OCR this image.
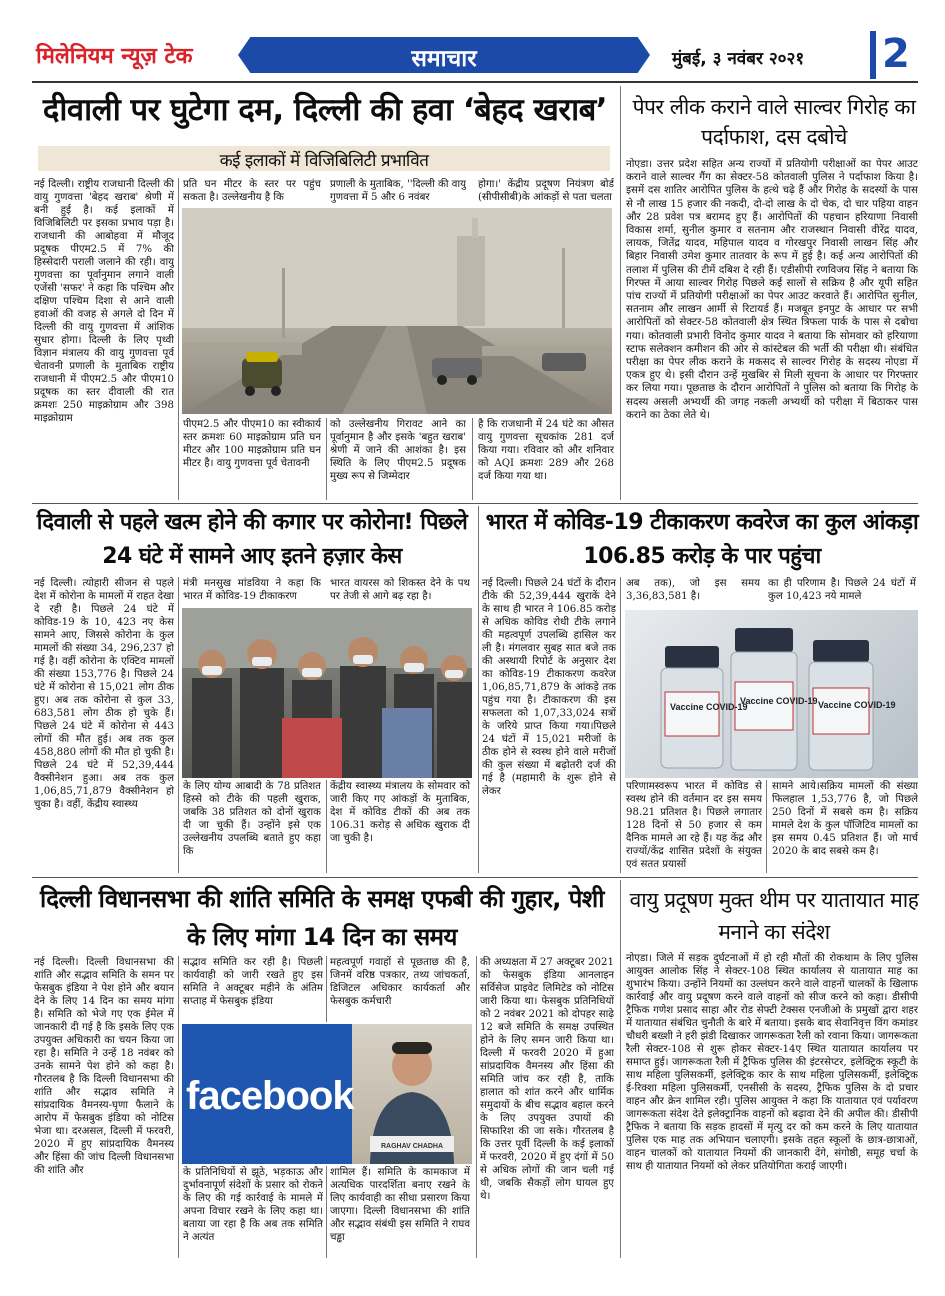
मिलेनियम न्यूज़ टेक	समाचार	मुंबई, ३ नवंबर २०२१	2
दीवाली पर घुटेगा दम, दिल्ली की हवा ‘बेहद खराब’
कई इलाकों में विजिबिलिटी प्रभावित
नई दिल्ली। राष्ट्रीय राजधानी दिल्ली की वायु गुणवत्ता 'बेहद खराब' श्रेणी में बनी हुई है। कई इलाकों में विजिबिलिटी पर इसका प्रभाव पड़ा है। राजधानी की आबोहवा में मौजूद प्रदूषक पीएम2.5 में 7% की हिस्सेदारी पराली जलाने की रही। वायु गुणवत्ता का पूर्वानुमान लगाने वाली एजेंसी 'सफर' ने कहा कि पश्चिम और दक्षिण पश्चिम दिशा से आने वाली हवाओं की वजह से अगले दो दिन में दिल्ली की वायु गुणवत्ता में आंशिक सुधार होगा। दिल्ली के लिए पृथ्वी विज्ञान मंत्रालय की वायु गुणवत्ता पूर्व चेतावनी प्रणाली के मुताबिक राष्ट्रीय राजधानी में पीएम2.5 और पीएम10 प्रदूषक का स्तर दीवाली की रात क्रमशः 250 माइक्रोग्राम और 398 माइक्रोग्राम
प्रति घन मीटर के स्तर पर पहुंच सकता है। उल्लेखनीय है कि
प्रणाली के मुताबिक, ''दिल्ली की वायु गुणवत्ता में 5 और 6 नवंबर
होगा।' केंद्रीय प्रदूषण नियंत्रण बोर्ड (सीपीसीबी)के आंकड़ों से पता चलता
पीएम2.5 और पीएम10 का स्वीकार्य स्तर क्रमशः 60 माइक्रोग्राम प्रति घन मीटर और 100 माइक्रोग्राम प्रति घन मीटर है। वायु गुणवत्ता पूर्व चेतावनी
को उल्लेखनीय गिरावट आने का पूर्वानुमान है और इसके 'बहुत खराब' श्रेणी में जाने की आशंका है। इस स्थिति के लिए पीएम2.5 प्रदूषक मुख्य रूप से जिम्मेदार
है कि राजधानी में 24 घंटे का औसत वायु गुणवत्ता सूचकांक 281 दर्ज किया गया। रविवार को और शनिवार को AQI क्रमशः 289 और 268 दर्ज किया गया था।
पेपर लीक कराने वाले साल्वर गिरोह का पर्दाफाश, दस दबोचे
नोएडा। उत्तर प्रदेश सहित अन्य राज्यों में प्रतियोगी परीक्षाओं का पेपर आउट कराने वाले साल्वर गैंग का सेक्टर-58 कोतवाली पुलिस ने पर्दाफाश किया है। इसमें दस शातिर आरोपित पुलिस के हत्थे चढ़े हैं और गिरोह के सदस्यों के पास से नौ लाख 15 हजार की नकदी, दो-दो लाख के दो चेक, दो चार पहिया वाहन और 28 प्रवेश पत्र बरामद हुए हैं। आरोपितों की पहचान हरियाणा निवासी विकास शर्मा, सुनील कुमार व सतनाम और राजस्थान निवासी वीरेंद्र यादव, लायक, जितेंद्र यादव, महिपाल यादव व गोरखपुर निवासी लाखन सिंह और बिहार निवासी उमेश कुमार तातवार के रूप में हुई है। कई अन्य आरोपितों की तलाश में पुलिस की टीमें दबिश दे रही हैं। एडीसीपी रणविजय सिंह ने बताया कि गिरफ्त में आया साल्वर गिरोह पिछले कई सालों से सक्रिय है और यूपी सहित पांच राज्यों में प्रतियोगी परीक्षाओं का पेपर आउट करवाते हैं। आरोपित सुनील, सतनाम और लाखन आर्मी से रिटायर्ड हैं। मजबूत इनपुट के आधार पर सभी आरोपितों को सेक्टर-58 कोतवाली क्षेत्र स्थित त्रिफला पार्क के पास से दबोचा गया। कोतवाली प्रभारी विनोद कुमार यादव ने बताया कि सोमवार को हरियाणा स्टाफ सलेक्शन कमीशन की ओर से कांस्टेबल की भर्ती की परीक्षा थी। संबंधित परीक्षा का पेपर लीक कराने के मकसद से साल्वर गिरोह के सदस्य नोएडा में एकत्र हुए थे। इसी दौरान उन्हें मुखबिर से मिली सूचना के आधार पर गिरफ्तार कर लिया गया। पूछताछ के दौरान आरोपितों ने पुलिस को बताया कि गिरोह के सदस्य असली अभ्यर्थी की जगह नकली अभ्यर्थी को परीक्षा में बिठाकर पास कराने का ठेका लेते थे।
दिवाली से पहले खत्म होने की कगार पर कोरोना! पिछले 24 घंटे में सामने आए इतने हज़ार केस
नई दिल्ली। त्योहारी सीजन से पहले देश में कोरोना के मामलों में राहत देखा दे रही है। पिछले 24 घंटे में कोविड-19 के 10, 423 नए केस सामने आए, जिससे कोरोना के कुल मामलों की संख्या 34, 296,237 हो गई है। वहीं कोरोना के एक्टिव मामलों की संख्या 153,776 है। पिछले 24 घंटे में कोरोना से 15,021 लोग ठीक हुए। अब तक कोरोना से कुल 33, 683,581 लोग ठीक हो चुके हैं। पिछले 24 घंटे में कोरोना से 443 लोगों की मौत हुई। अब तक कुल 458,880 लोगों की मौत हो चुकी है। पिछले 24 घंटे में 52,39,444 वैक्सीनेशन हुआ। अब तक कुल 1,06,85,71,879 वैक्सीनेशन हो चुका है। वहीं, केंद्रीय स्वास्थ्य
मंत्री मनसुख मांडविया ने कहा कि भारत में कोविड-19 टीकाकरण
भारत वायरस को शिकस्त देने के पथ पर तेजी से आगे बढ़ रहा है।
के लिए योग्य आबादी के 78 प्रतिशत हिस्से को टीके की पहली खुराक, जबकि 38 प्रतिशत को दोनों खुराक दी जा चुकी हैं। उन्होंने इसे एक उल्लेखनीय उपलब्धि बताते हुए कहा कि
केंद्रीय स्वास्थ्य मंत्रालय के सोमवार को जारी किए गए आंकड़ों के मुताबिक, देश में कोविड टीकों की अब तक 106.31 करोड़ से अधिक खुराक दी जा चुकी है।
भारत में कोविड-19 टीकाकरण कवरेज का कुल आंकड़ा 106.85 करोड़ के पार पहुंचा
नई दिल्ली। पिछले 24 घंटों के दौरान टीके की 52,39,444 खुराकें देने के साथ ही भारत ने 106.85 करोड़ से अधिक कोविड रोधी टीके लगाने की महत्वपूर्ण उपलब्धि हासिल कर ली है। मंगलवार सुबह सात बजे तक की अस्थायी रिपोर्ट के अनुसार देश का कोविड-19 टीकाकरण कवरेज 1,06,85,71,879 के आंकड़े तक पहुंच गया है। टीकाकरण की इस सफलता को 1,07,33,024 सत्रों के जरिये प्राप्त किया गया।पिछले 24 घंटों में 15,021 मरीजों के ठीक होने से स्वस्थ होने वाले मरीजों की कुल संख्या में बढ़ोतरी दर्ज की गई है (महामारी के शुरू होने से लेकर
अब तक), जो इस समय 3,36,83,581 है।
का ही परिणाम है। पिछले 24 घंटों में कुल 10,423 नये मामले
Vaccine COVID-19
Vaccine COVID-19 Vaccine COVID-19
परिणामस्वरूप भारत में कोविड से स्वस्थ होने की वर्तमान दर इस समय 98.21 प्रतिशत है। पिछले लगातार 128 दिनों से 50 हजार से कम दैनिक मामले आ रहे हैं। यह केंद्र और राज्यों/केंद्र शासित प्रदेशों के संयुक्त एवं सतत प्रयासों
सामने आये।सक्रिय मामलों की संख्या फिलहाल 1,53,776 है, जो पिछले 250 दिनों में सबसे कम है। सक्रिय मामले देश के कुल पॉजिटिव मामलों का इस समय 0.45 प्रतिशत हैं। जो मार्च 2020 के बाद सबसे कम है।
दिल्ली विधानसभा की शांति समिति के समक्ष एफबी की गुहार, पेशी के लिए मांगा 14 दिन का समय
नई दिल्ली। दिल्ली विधानसभा की शांति और सद्भाव समिति के समन पर फेसबुक इंडिया ने पेश होने और बयान देने के लिए 14 दिन का समय मांगा है। समिति को भेजे गए एक ईमेल में जानकारी दी गई है कि इसके लिए एक उपयुक्त अधिकारी का चयन किया जा रहा है। समिति ने उन्हें 18 नवंबर को उनके सामने पेश होने को कहा है। गौरतलब है कि दिल्ली विधानसभा की शांति और सद्भाव समिति ने सांप्रदायिक वैमनस्य-घृणा फैलाने के आरोप में फेसबुक इंडिया को नोटिस भेजा था। दरअसल, दिल्ली में फरवरी, 2020 में हुए सांप्रदायिक वैमनस्य और हिंसा की जांच दिल्ली विधानसभा की शांति और
सद्भाव समिति कर रही है। पिछली कार्यवाही को जारी रखते हुए इस समिति ने अक्टूबर महीने के अंतिम सप्ताह में फेसबुक इंडिया
महत्वपूर्ण गवाहों से पूछताछ की है, जिनमें वरिष्ठ पत्रकार, तथ्य जांचकर्ता, डिजिटल अधिकार कार्यकर्ता और फेसबुक कर्मचारी
RAGHAV CHADHA
facebook
के प्रतिनिधियों से झूठे, भड़काऊ और दुर्भावनापूर्ण संदेशों के प्रसार को रोकने के लिए की गई कार्रवाई के मामले में अपना विचार रखने के लिए कहा था। बताया जा रहा है कि अब तक समिति ने अत्यंत
शामिल हैं। समिति के कामकाज में अत्यधिक पारदर्शिता बनाए रखने के लिए कार्यवाही का सीधा प्रसारण किया जाएगा। दिल्ली विधानसभा की शांति और सद्भाव संबंधी इस समिति ने राघव चड्ढा
की अध्यक्षता में 27 अक्टूबर 2021 को फेसबुक इंडिया आनलाइन सर्विसेज प्राइवेट लिमिटेड को नोटिस जारी किया था। फेसबुक प्रतिनिधियों को 2 नवंबर 2021 को दोपहर साढ़े 12 बजे समिति के समक्ष उपस्थित होने के लिए समन जारी किया था। दिल्ली में फरवरी 2020 में हुआ सांप्रदायिक वैमनस्य और हिंसा की समिति जांच कर रही है, ताकि हालात को शांत करने और धार्मिक समुदायों के बीच सद्भाव बहाल करने के लिए उपयुक्त उपायों की सिफारिश की जा सके। गौरतलब है कि उत्तर पूर्वी दिल्ली के कई इलाकों में फरवरी, 2020 में हुए दंगों में 50 से अधिक लोगों की जान चली गई थी, जबकि सैकड़ों लोग घायल हुए थे।
वायु प्रदूषण मुक्त थीम पर यातायात माह मनाने का संदेश
नोएडा। जिले में सड़क दुर्घटनाओं में हो रही मौतों की रोकथाम के लिए पुलिस आयुक्त आलोक सिंह ने सेक्टर-108 स्थित कार्यालय से यातायात माह का शुभारंभ किया। उन्होंने नियमों का उल्लंघन करने वाले वाहनों चालकों के खिलाफ कार्रवाई और वायु प्रदूषण करने वाले वाहनों को सीज करने को कहा। डीसीपी ट्रैफिक गणेश प्रसाद साहा और रोड सेफ्टी टेक्सस एनजीओ के प्रमुखों द्वारा शहर में यातायात संबंधित चुनौती के बारे में बताया। इसके बाद सेवानिवृत्त विंग कमांडर चौधरी बख्शी ने हरी झंडी दिखाकर जागरूकता रैली को रवाना किया। जागरूकता रैली सेक्टर-108 से शुरू होकर सेक्टर-14ए स्थित यातायात कार्यालय पर समाप्त हुई। जागरूकता रैली में ट्रैफिक पुलिस की इंटरसेप्टर, इलेक्ट्रिक स्कूटी के साथ महिला पुलिसकर्मी, इलेक्ट्रिक कार के साथ महिला पुलिसकर्मी, इलेक्ट्रिक ई-रिक्शा महिला पुलिसकर्मी, एनसीसी के सदस्य, ट्रैफिक पुलिस के दो प्रचार वाहन और क्रेन शामिल रही। पुलिस आयुक्त ने कहा कि यातायात एवं पर्यावरण जागरूकता संदेश देते इलेक्ट्रानिक वाहनों को बढ़ावा देने की अपील की। डीसीपी ट्रैफिक ने बताया कि सड़क हादसों में मृत्यु दर को कम करने के लिए यातायात पुलिस एक माह तक अभियान चलाएगी। इसके तहत स्कूलों के छात्र-छात्राओं, वाहन चालकों को यातायात नियमों की जानकारी देंगे, संगोष्ठी, समूह चर्चा के साथ ही यातायात नियमों को लेकर प्रतियोगिता कराई जाएगी।
